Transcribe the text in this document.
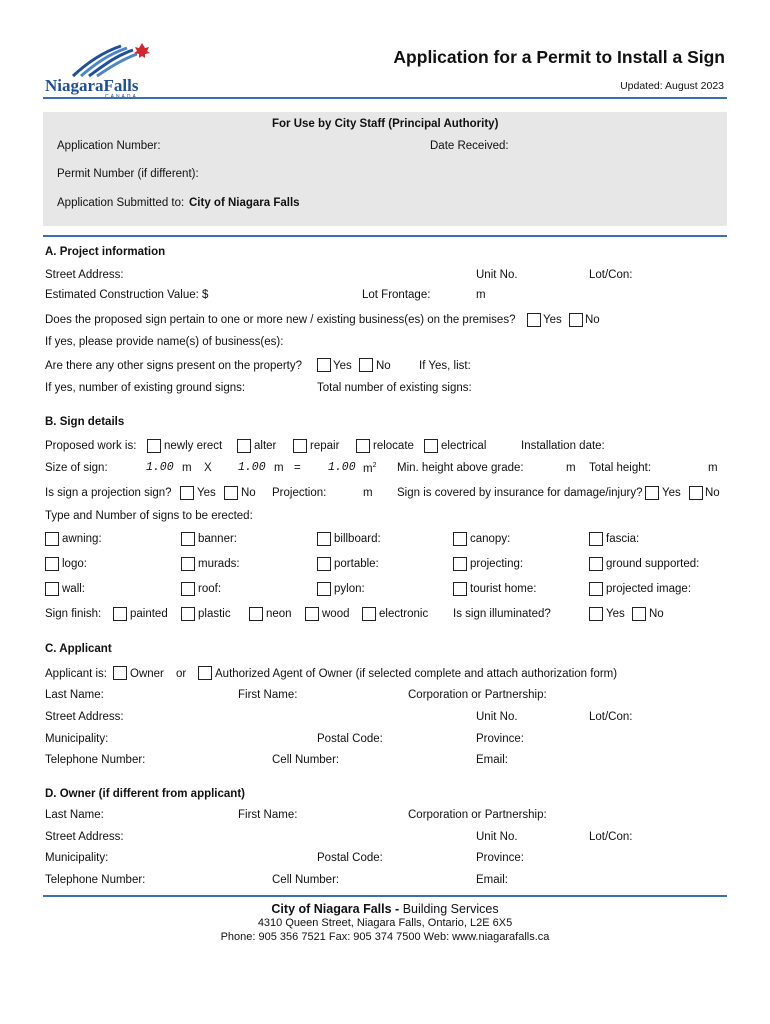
NiagaraFalls
Application for a Permit to Install a Sign
Updated: August 2023
For Use by City Staff (Principal Authority)
Application Number:	Date Received:
Permit Number (if different):
Application Submitted to: City of Niagara Falls
A. Project information
Street Address:	Unit No.	Lot/Con:
Estimated Construction Value: $	Lot Frontage:	m
Does the proposed sign pertain to one or more new / existing business(es) on the premises? Yes No
If yes, please provide name(s) of business(es):
Are there any other signs present on the property?	Yes No If Yes, list:
If yes, number of existing ground signs:	Total number of existing signs:
B. Sign details
Proposed work is: newly erect	alter	repair	relocate electrical	Installation date:
Size of sign:	1.00 m X 1.00 m = 1.00 $m^2$ Min. height above grade:	m Total height:	m
Is sign a projection sign? Yes No Projection:	m Sign is covered by insurance for damage/injury? Yes No
Type and Number of signs to be erected:
awning:	banner:	billboard:	canopy:	fascia:
logo:	murads:	portable:	projecting:	ground supported:
wall:	roof:	pylon:	tourist home:	projected image:
Sign finish: painted	plastic	neon	wood	electronic Is sign illuminated?	Yes No
C. Applicant
Applicant is: Owner or	Authorized Agent of Owner (if selected complete and attach authorization form)
Last Name:	First Name:	Corporation or Partnership:
Street Address:	Unit No.	Lot/Con:
Municipality:	Postal Code:	Province:
Telephone Number:	Cell Number:	Email:
D. Owner (if different from applicant)
Last Name:	First Name:	Corporation or Partnership:
Street Address:	Unit No.	Lot/Con:
Municipality:	Postal Code:	Province:
Telephone Number:	Cell Number:	Email:
City of Niagara Falls - Building Services
4310 Queen Street, Niagara Falls, Ontario, L2E 6X5
Phone: 905 356 7521 Fax: 905 374 7500 Web: www.niagarafalls.ca
